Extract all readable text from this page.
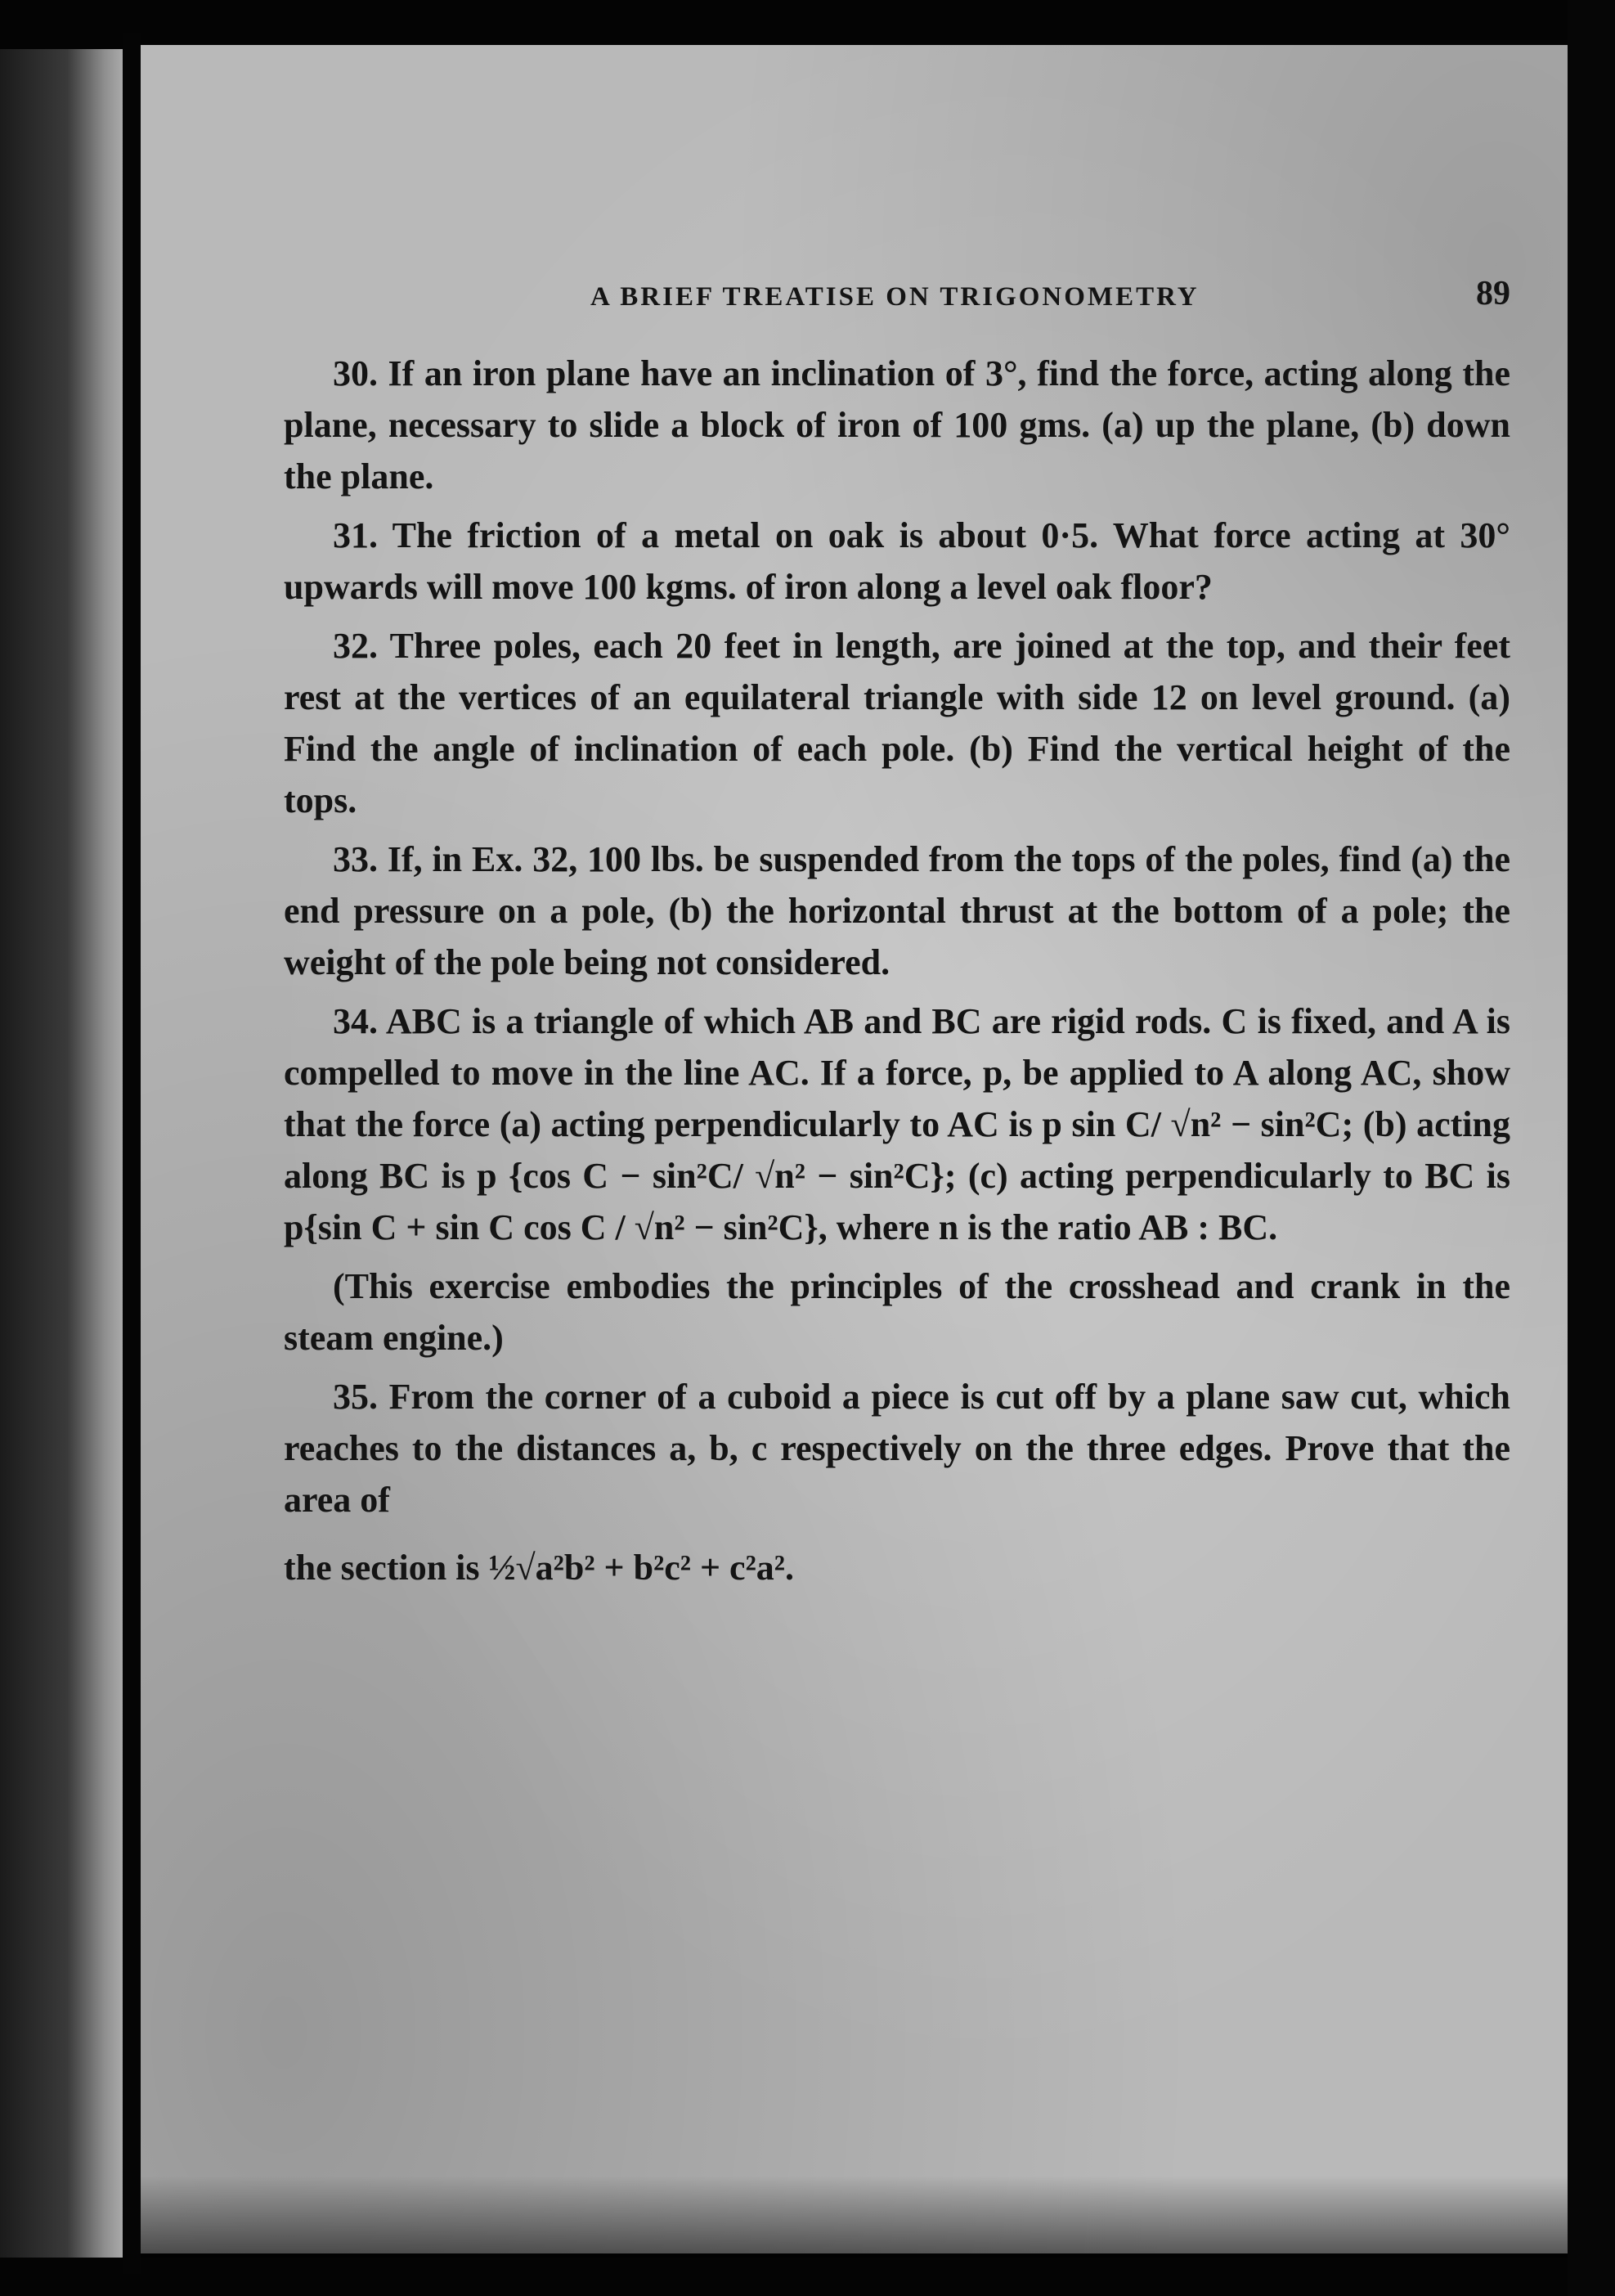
A BRIEF TREATISE ON TRIGONOMETRY	89

30. If an iron plane have an inclination of 3°, find the force, acting along the plane, necessary to slide a block of iron of 100 gms. (a) up the plane, (b) down the plane.

31. The friction of a metal on oak is about 0·5. What force acting at 30° upwards will move 100 kgms. of iron along a level oak floor?

32. Three poles, each 20 feet in length, are joined at the top, and their feet rest at the vertices of an equilateral triangle with side 12 on level ground. (a) Find the angle of inclination of each pole. (b) Find the vertical height of the tops.

33. If, in Ex. 32, 100 lbs. be suspended from the tops of the poles, find (a) the end pressure on a pole, (b) the horizontal thrust at the bottom of a pole; the weight of the pole being not considered.

34. ABC is a triangle of which AB and BC are rigid rods. C is fixed, and A is compelled to move in the line AC. If a force, p, be applied to A along AC, show that the force (a) acting perpendicularly to AC is p sin C/ √n² − sin²C; (b) acting along BC is p {cos C − sin²C/ √n² − sin²C}; (c) acting perpendicularly to BC is p{sin C + sin C cos C / √n² − sin²C}, where n is the ratio AB : BC.

(This exercise embodies the principles of the crosshead and crank in the steam engine.)

35. From the corner of a cuboid a piece is cut off by a plane saw cut, which reaches to the distances a, b, c respectively on the three edges. Prove that the area of

the section is ½√a²b² + b²c² + c²a².
